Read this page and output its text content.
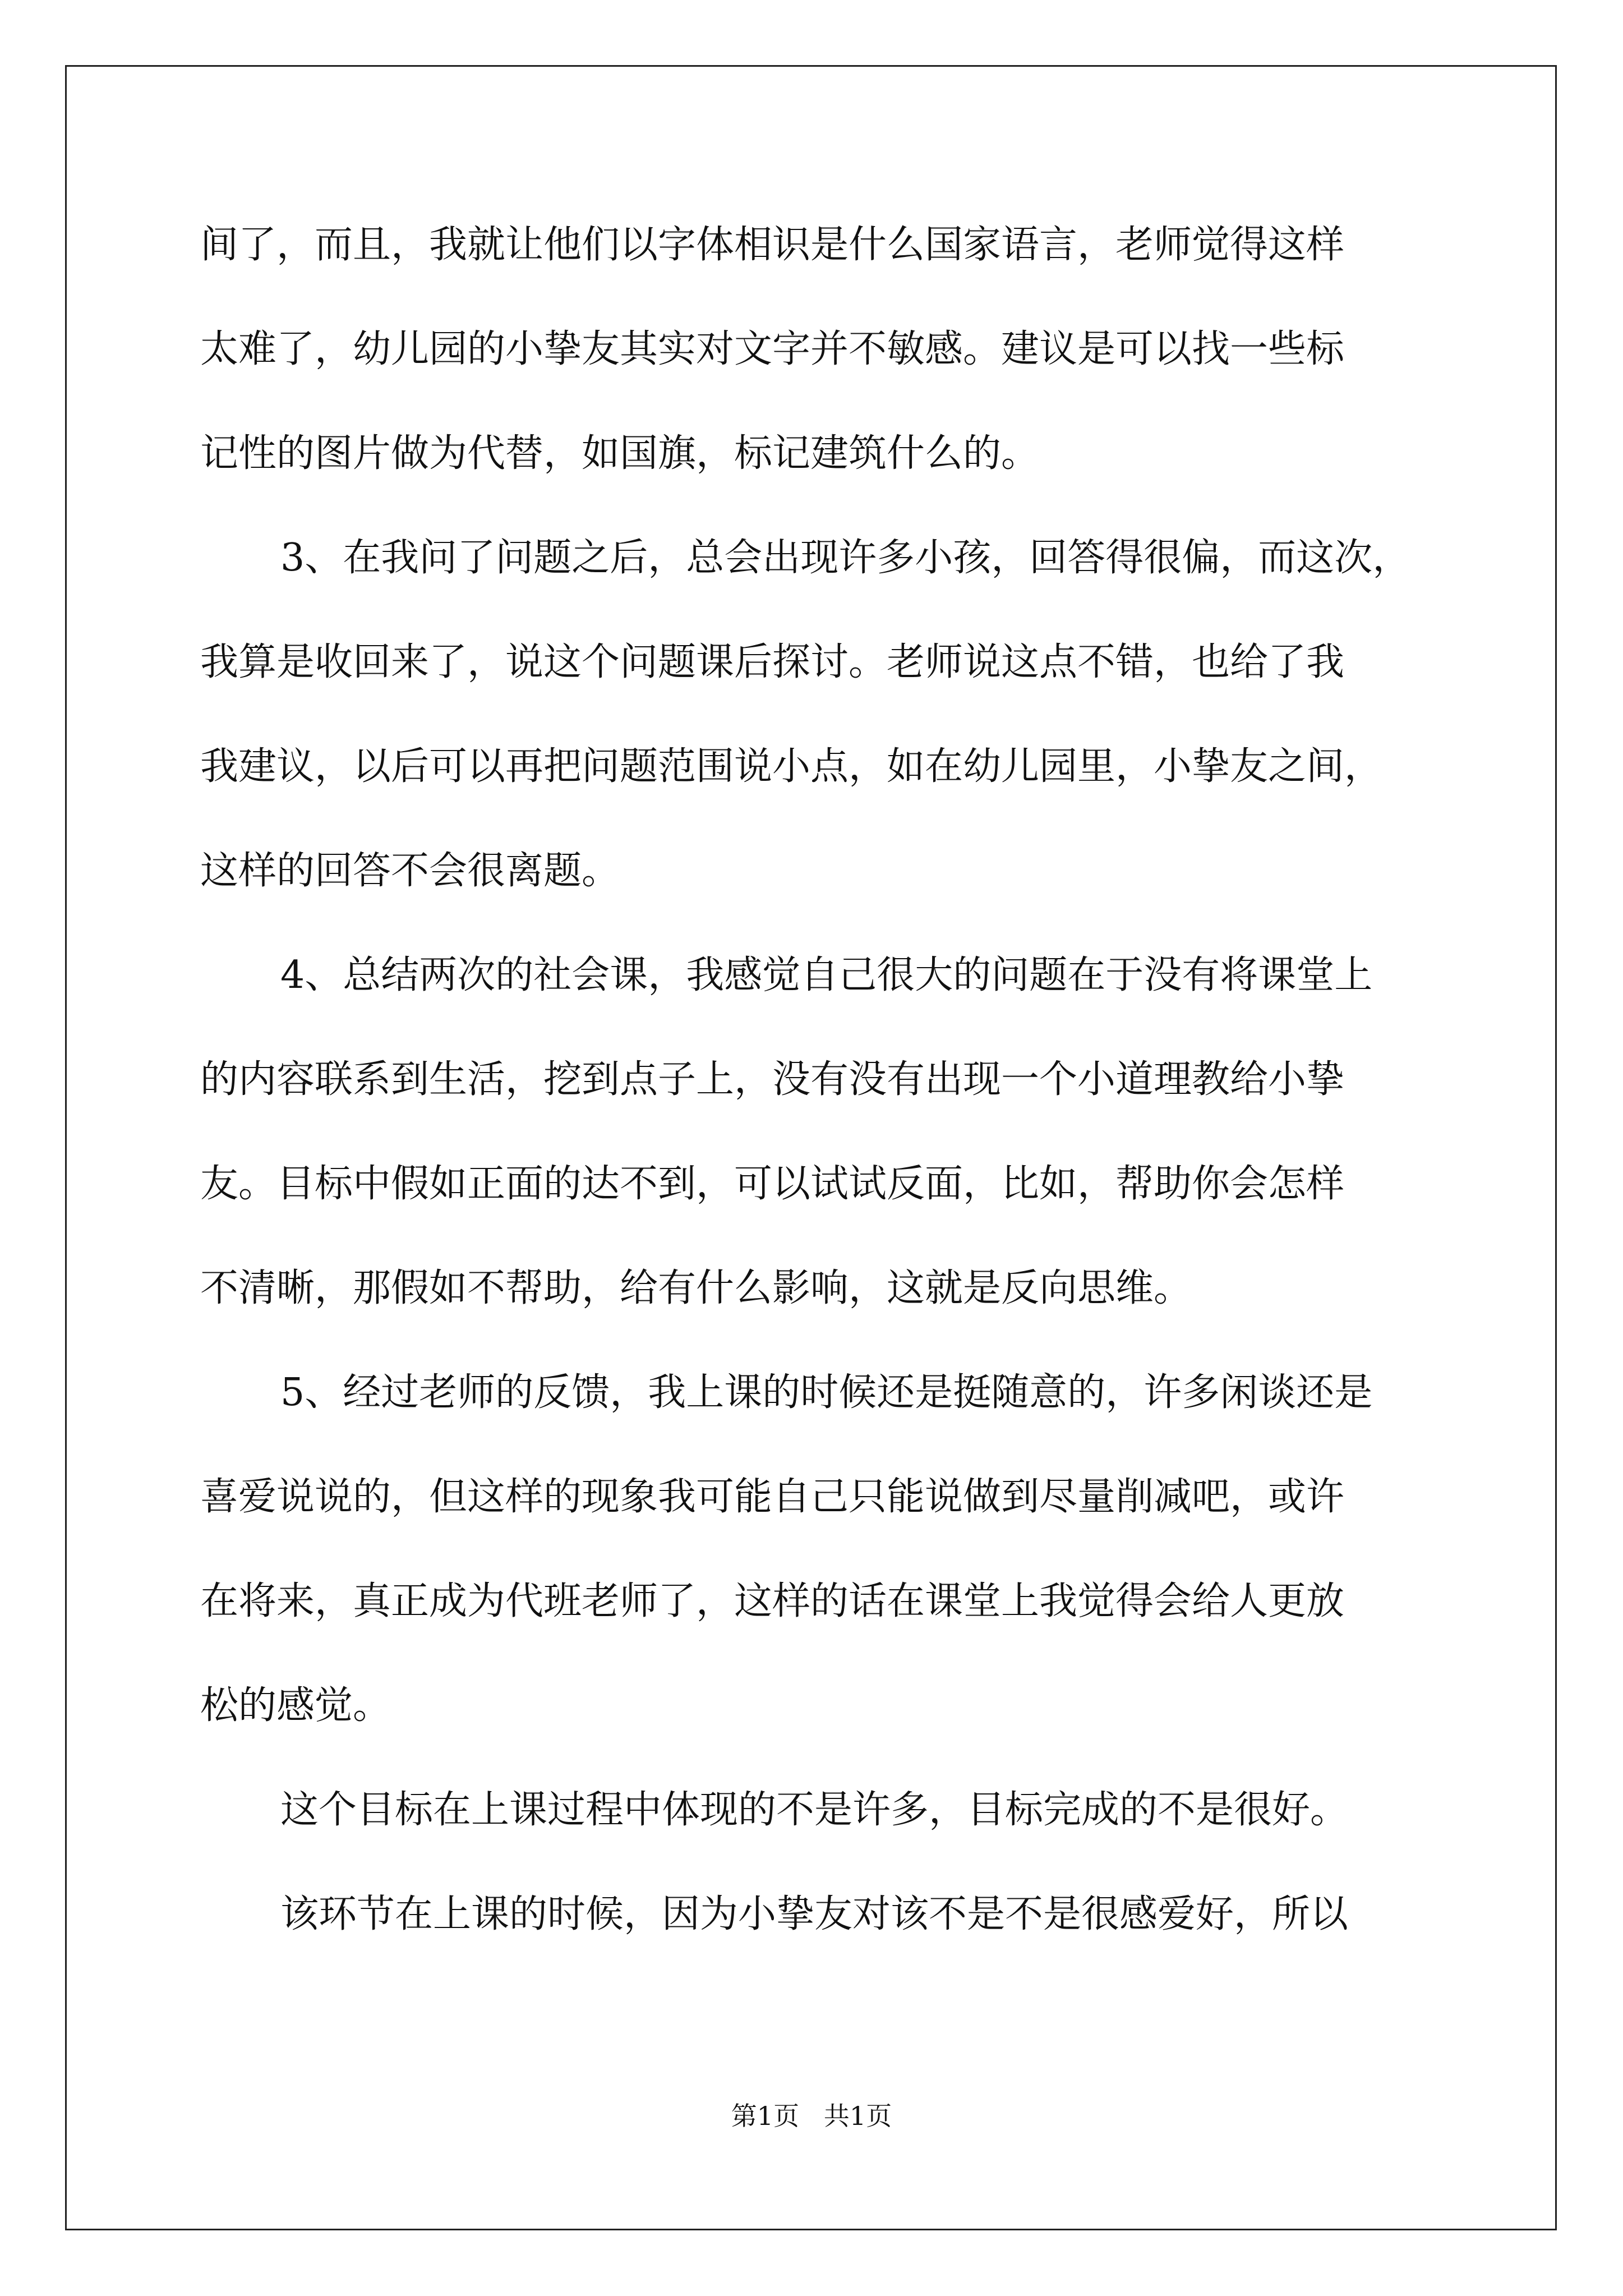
间了，而且，我就让他们以字体相识是什么国家语言，老师觉得这样
太难了，幼儿园的小挚友其实对文字并不敏感。建议是可以找一些标
记性的图片做为代替，如国旗，标记建筑什么的。
3、在我问了问题之后，总会出现许多小孩，回答得很偏，而这次，
我算是收回来了，说这个问题课后探讨。老师说这点不错，也给了我
我建议，以后可以再把问题范围说小点，如在幼儿园里，小挚友之间，
这样的回答不会很离题。
4、总结两次的社会课，我感觉自己很大的问题在于没有将课堂上
的内容联系到生活，挖到点子上，没有没有出现一个小道理教给小挚
友。目标中假如正面的达不到，可以试试反面，比如，帮助你会怎样
不清晰，那假如不帮助，给有什么影响，这就是反向思维。
5、经过老师的反馈，我上课的时候还是挺随意的，许多闲谈还是
喜爱说说的，但这样的现象我可能自己只能说做到尽量削减吧，或许
在将来，真正成为代班老师了，这样的话在课堂上我觉得会给人更放
松的感觉。
这个目标在上课过程中体现的不是许多，目标完成的不是很好。
该环节在上课的时候，因为小挚友对该不是不是很感爱好，所以
第1页   共1页
